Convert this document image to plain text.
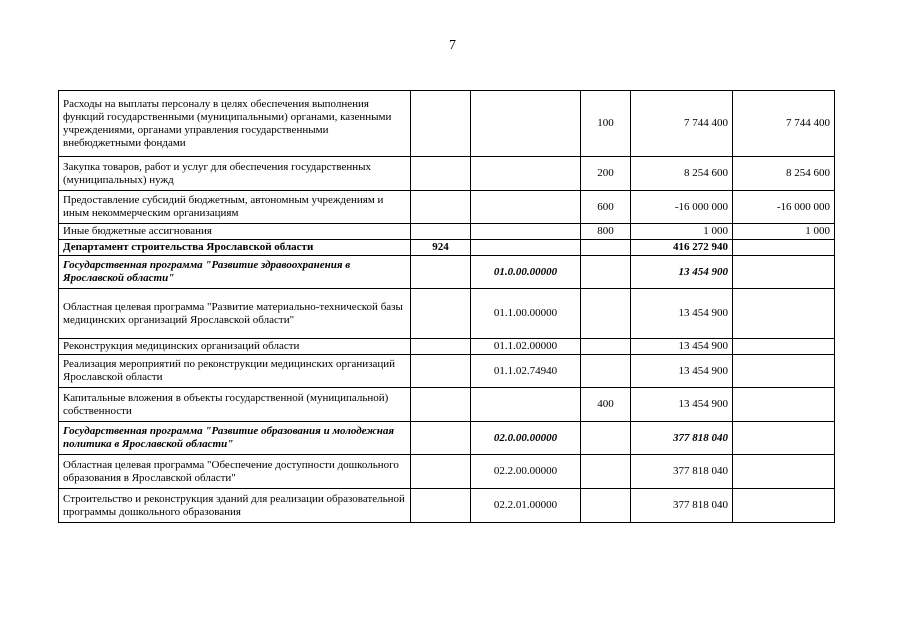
7
Расходы на выплаты персоналу в целях обеспечения выполнения функций государственными (муниципальными) органами, казенными учреждениями, органами управления государственными внебюджетными фондами			100	7 744 400	7 744 400
Закупка товаров, работ и услуг для обеспечения государственных (муниципальных) нужд			200	8 254 600	8 254 600
Предоставление субсидий бюджетным, автономным учреждениям и иным некоммерческим организациям			600	-16 000 000	-16 000 000
Иные бюджетные ассигнования			800	1 000	1 000
Департамент строительства Ярославской области	924			416 272 940	
Государственная программа "Развитие здравоохранения в Ярославской области"		01.0.00.00000		13 454 900	
Областная целевая программа "Развитие материально-технической базы медицинских организаций Ярославской области"		01.1.00.00000		13 454 900	
Реконструкция медицинских организаций области		01.1.02.00000		13 454 900	
Реализация мероприятий по реконструкции медицинских организаций Ярославской области		01.1.02.74940		13 454 900	
Капитальные вложения в объекты государственной (муниципальной) собственности			400	13 454 900	
Государственная программа "Развитие образования и молодежная политика в Ярославской области"		02.0.00.00000		377 818 040	
Областная целевая программа "Обеспечение доступности дошкольного образования в Ярославской области"		02.2.00.00000		377 818 040	
Строительство и реконструкция зданий для реализации образовательной программы дошкольного образования		02.2.01.00000		377 818 040	
